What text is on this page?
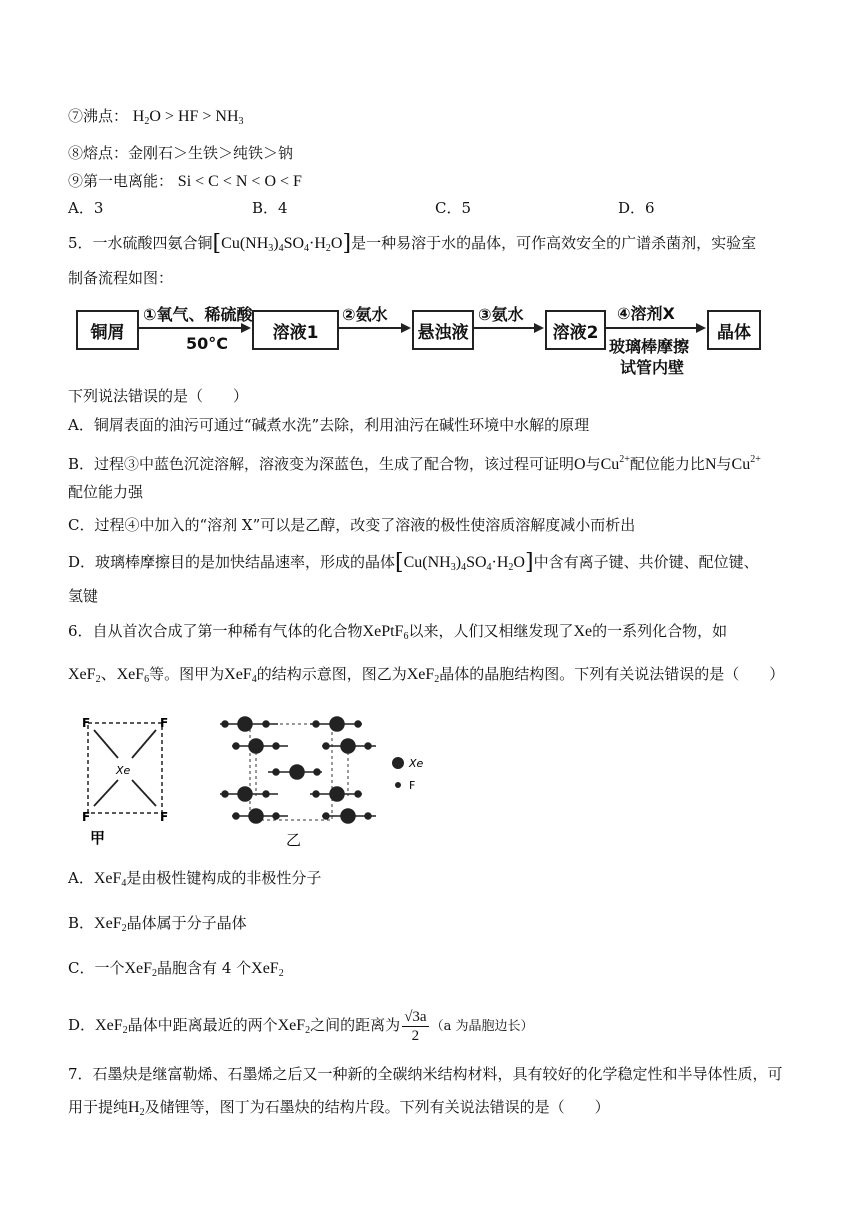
⑦沸点： $H_2O$ > HF > $NH_3$
⑧熔点：金刚石＞生铁＞纯铁＞钠
⑨第一电离能： Si < C < N < O < F
A．3	B．4	C．5	D．6
5．一水硫酸四氨合铜$[Cu(NH_3)_4SO_4\cdot H_2O]$是一种易溶于水的晶体，可作高效安全的广谱杀菌剂，实验室
制备流程如图：
铜屑	溶液1	悬浊液	溶液2	晶体
①氧气、稀硫酸
50°C
②氨水	③氨水	④溶剂X
玻璃棒摩擦
试管内壁
下列说法错误的是（　　）
A．铜屑表面的油污可通过“碱煮水洗”去除，利用油污在碱性环境中水解的原理
B．过程③中蓝色沉淀溶解，溶液变为深蓝色，生成了配合物，该过程可证明O与$Cu^{2+}$配位能力比N与$Cu^{2+}$
配位能力强
C．过程④中加入的“溶剂 X”可以是乙醇，改变了溶液的极性使溶质溶解度减小而析出
D．玻璃棒摩擦目的是加快结晶速率，形成的晶体$[Cu(NH_3)_4SO_4\cdot H_2O]$中含有离子键、共价键、配位键、
氢键
6．自从首次合成了第一种稀有气体的化合物XePtF$_6$以来，人们又相继发现了Xe的一系列化合物，如
XeF$_2$、XeF$_6$等。图甲为XeF$_4$的结构示意图，图乙为XeF$_2$晶体的晶胞结构图。下列有关说法错误的是（　　）
F	F
F	F
Xe
甲	乙
Xe
F
A．XeF$_4$是由极性键构成的非极性分子
B．XeF$_2$晶体属于分子晶体
C．一个XeF$_2$晶胞含有 4 个XeF$_2$
D．XeF$_2$晶体中距离最近的两个XeF$_2$之间的距离为 $\frac{√3a}{2} (a$ 为晶胞边长）
7．石墨炔是继富勒烯、石墨烯之后又一种新的全碳纳米结构材料，具有较好的化学稳定性和半导体性质，可
用于提纯$H_2$及储锂等，图丁为石墨炔的结构片段。下列有关说法错误的是（　　）
